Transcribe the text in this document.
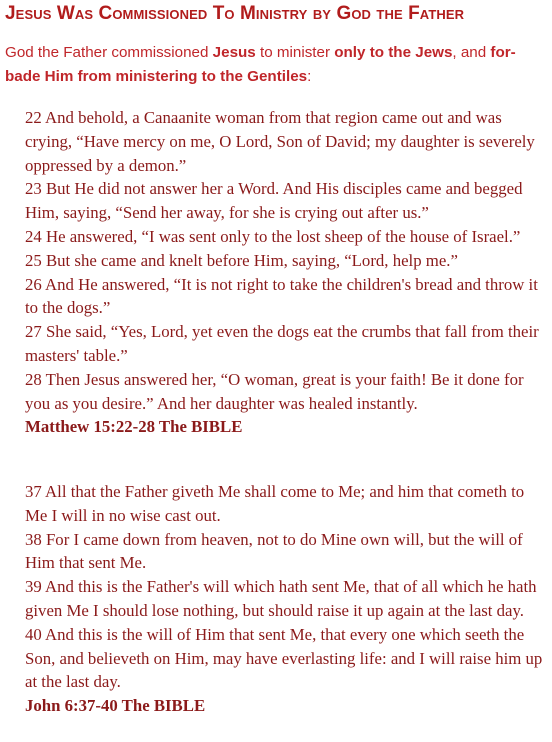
Jesus Was Commissioned To Ministry by God the Father
God the Father commissioned Jesus to minister only to the Jews, and for-bade Him from ministering to the Gentiles:
22 And behold, a Canaanite woman from that region came out and was crying, “Have mercy on me, O Lord, Son of David; my daughter is severely oppressed by a demon.”
23 But He did not answer her a Word. And His disciples came and begged Him, saying, “Send her away, for she is crying out after us.”
24 He answered, “I was sent only to the lost sheep of the house of Israel.”
25 But she came and knelt before Him, saying, “Lord, help me.”
26 And He answered, “It is not right to take the children's bread and throw it to the dogs.”
27 She said, “Yes, Lord, yet even the dogs eat the crumbs that fall from their masters' table.”
28 Then Jesus answered her, “O woman, great is your faith! Be it done for you as you desire.” And her daughter was healed instantly.
Matthew 15:22-28 The BIBLE
37 All that the Father giveth Me shall come to Me; and him that cometh to Me I will in no wise cast out.
38 For I came down from heaven, not to do Mine own will, but the will of Him that sent Me.
39 And this is the Father's will which hath sent Me, that of all which he hath given Me I should lose nothing, but should raise it up again at the last day.
40 And this is the will of Him that sent Me, that every one which seeth the Son, and believeth on Him, may have everlasting life: and I will raise him up at the last day.
John 6:37-40 The BIBLE
